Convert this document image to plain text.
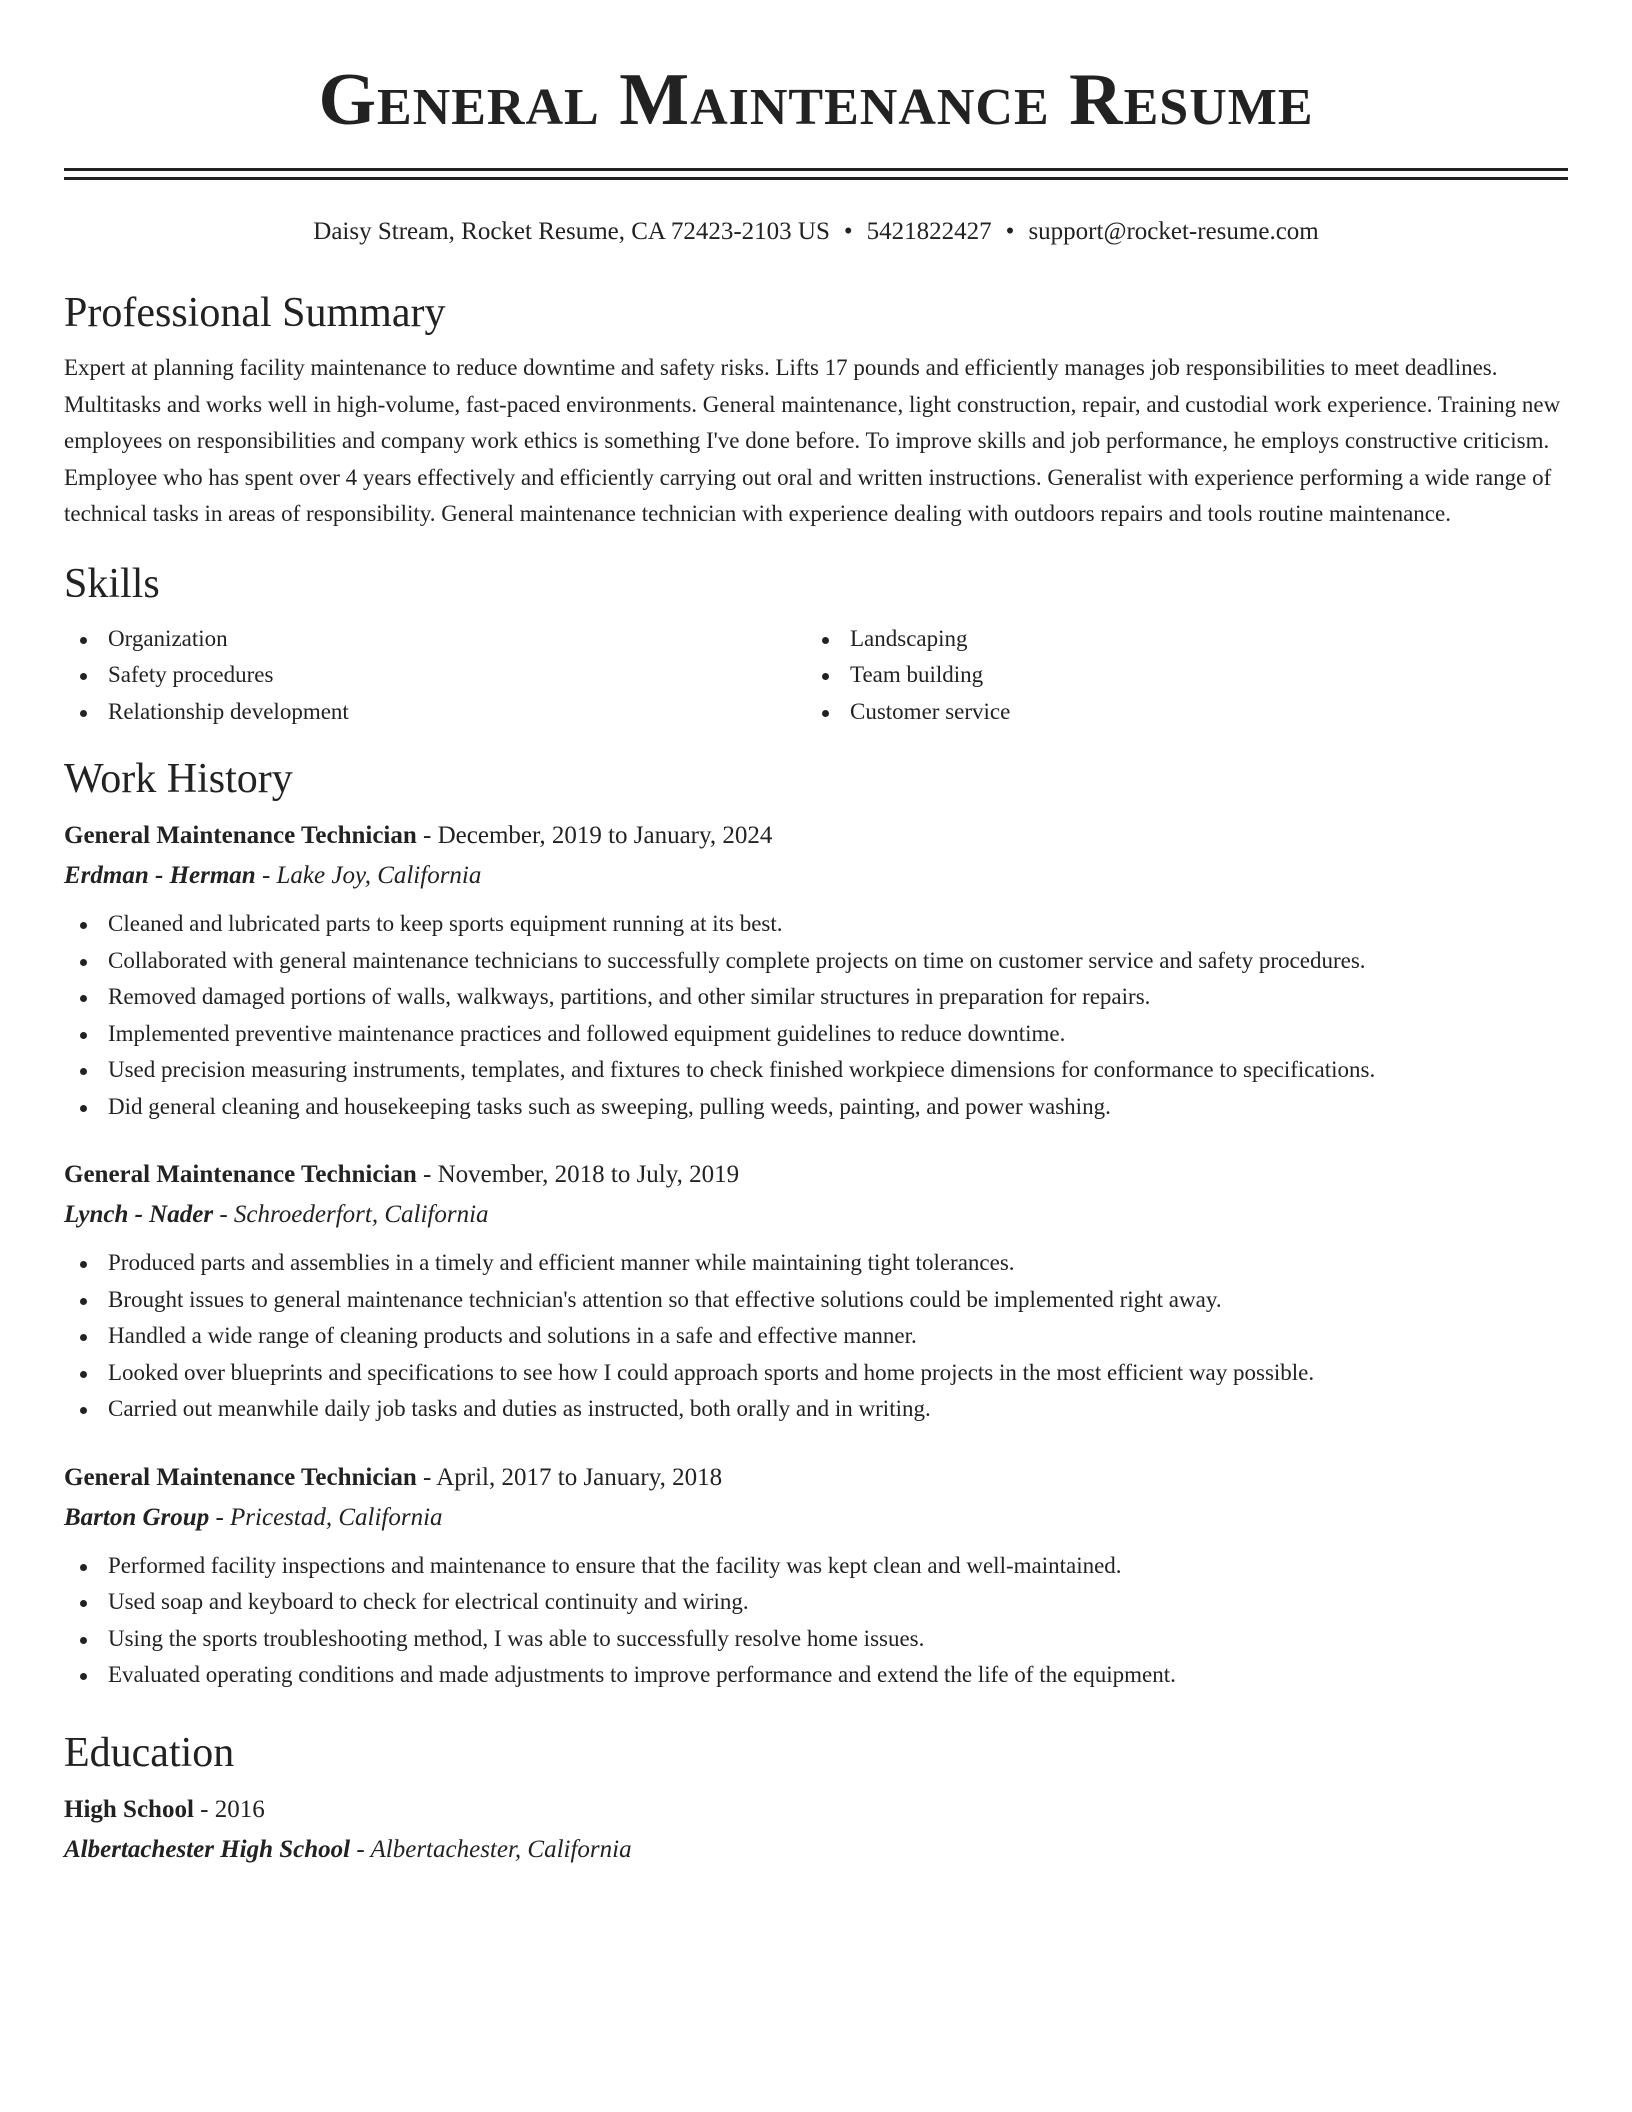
General Maintenance Resume
Daisy Stream, Rocket Resume, CA 72423-2103 US • 5421822427 • support@rocket-resume.com
Professional Summary

Expert at planning facility maintenance to reduce downtime and safety risks. Lifts 17 pounds and efficiently manages job responsibilities to meet deadlines. Multitasks and works well in high-volume, fast-paced environments. General maintenance, light construction, repair, and custodial work experience. Training new employees on responsibilities and company work ethics is something I've done before. To improve skills and job performance, he employs constructive criticism. Employee who has spent over 4 years effectively and efficiently carrying out oral and written instructions. Generalist with experience performing a wide range of technical tasks in areas of responsibility. General maintenance technician with experience dealing with outdoors repairs and tools routine maintenance.

Skills
Organization
Safety procedures
Relationship development
Landscaping
Team building
Customer service
Work History
General Maintenance Technician - December, 2019 to January, 2024
Erdman - Herman - Lake Joy, California
Cleaned and lubricated parts to keep sports equipment running at its best.
Collaborated with general maintenance technicians to successfully complete projects on time on customer service and safety procedures.
Removed damaged portions of walls, walkways, partitions, and other similar structures in preparation for repairs.
Implemented preventive maintenance practices and followed equipment guidelines to reduce downtime.
Used precision measuring instruments, templates, and fixtures to check finished workpiece dimensions for conformance to specifications.
Did general cleaning and housekeeping tasks such as sweeping, pulling weeds, painting, and power washing.
General Maintenance Technician - November, 2018 to July, 2019
Lynch - Nader - Schroederfort, California
Produced parts and assemblies in a timely and efficient manner while maintaining tight tolerances.
Brought issues to general maintenance technician's attention so that effective solutions could be implemented right away.
Handled a wide range of cleaning products and solutions in a safe and effective manner.
Looked over blueprints and specifications to see how I could approach sports and home projects in the most efficient way possible.
Carried out meanwhile daily job tasks and duties as instructed, both orally and in writing.
General Maintenance Technician - April, 2017 to January, 2018
Barton Group - Pricestad, California
Performed facility inspections and maintenance to ensure that the facility was kept clean and well-maintained.
Used soap and keyboard to check for electrical continuity and wiring.
Using the sports troubleshooting method, I was able to successfully resolve home issues.
Evaluated operating conditions and made adjustments to improve performance and extend the life of the equipment.
Education
High School - 2016
Albertachester High School - Albertachester, California
